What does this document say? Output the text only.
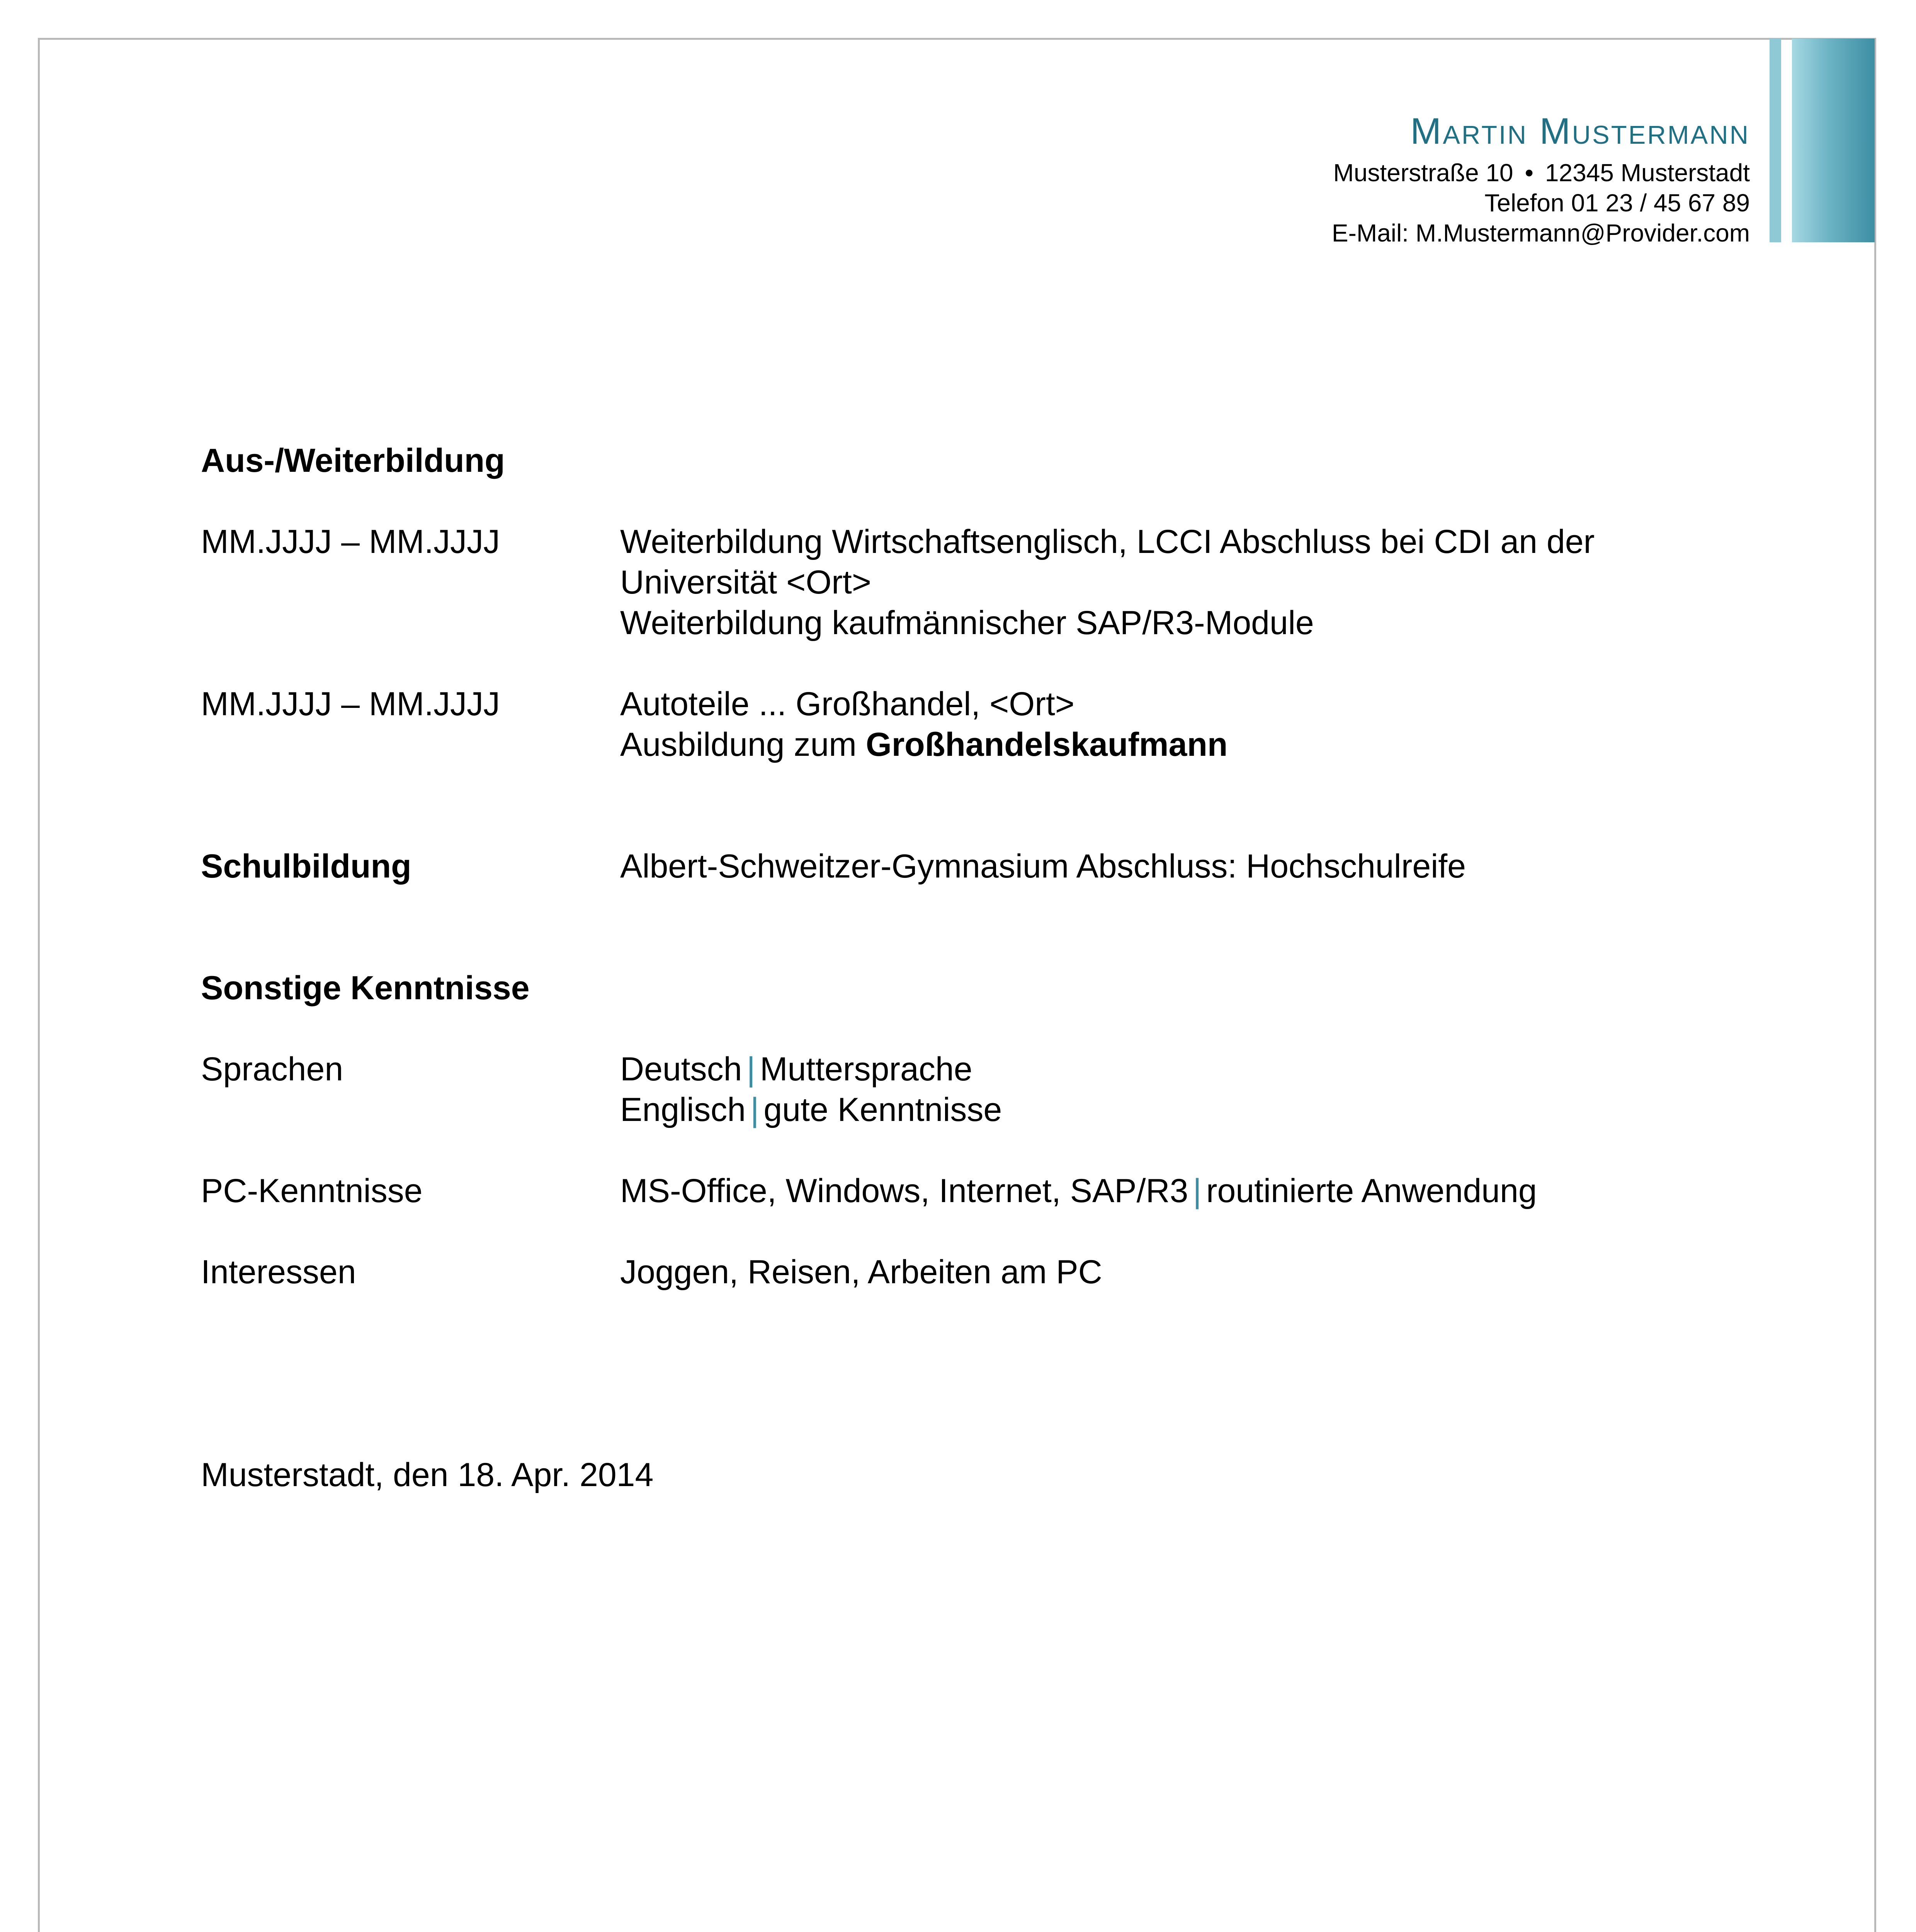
Martin Mustermann
Musterstraße 10 • 12345 Musterstadt
Telefon 01 23 / 45 67 89
E-Mail: M.Mustermann@Provider.com
Aus-/Weiterbildung
MM.JJJJ – MM.JJJJ	Weiterbildung Wirtschaftsenglisch, LCCI Abschluss bei CDI an der
Universität <Ort>
Weiterbildung kaufmännischer SAP/R3-Module
MM.JJJJ – MM.JJJJ	Autoteile ... Großhandel, <Ort>
Ausbildung zum Großhandelskaufmann
Schulbildung	Albert-Schweitzer-Gymnasium Abschluss: Hochschulreife
Sonstige Kenntnisse
Sprachen	Deutsch | Muttersprache
Englisch | gute Kenntnisse
PC-Kenntnisse	MS-Office, Windows, Internet, SAP/R3 | routinierte Anwendung
Interessen	Joggen, Reisen, Arbeiten am PC
Musterstadt, den 18. Apr. 2014
